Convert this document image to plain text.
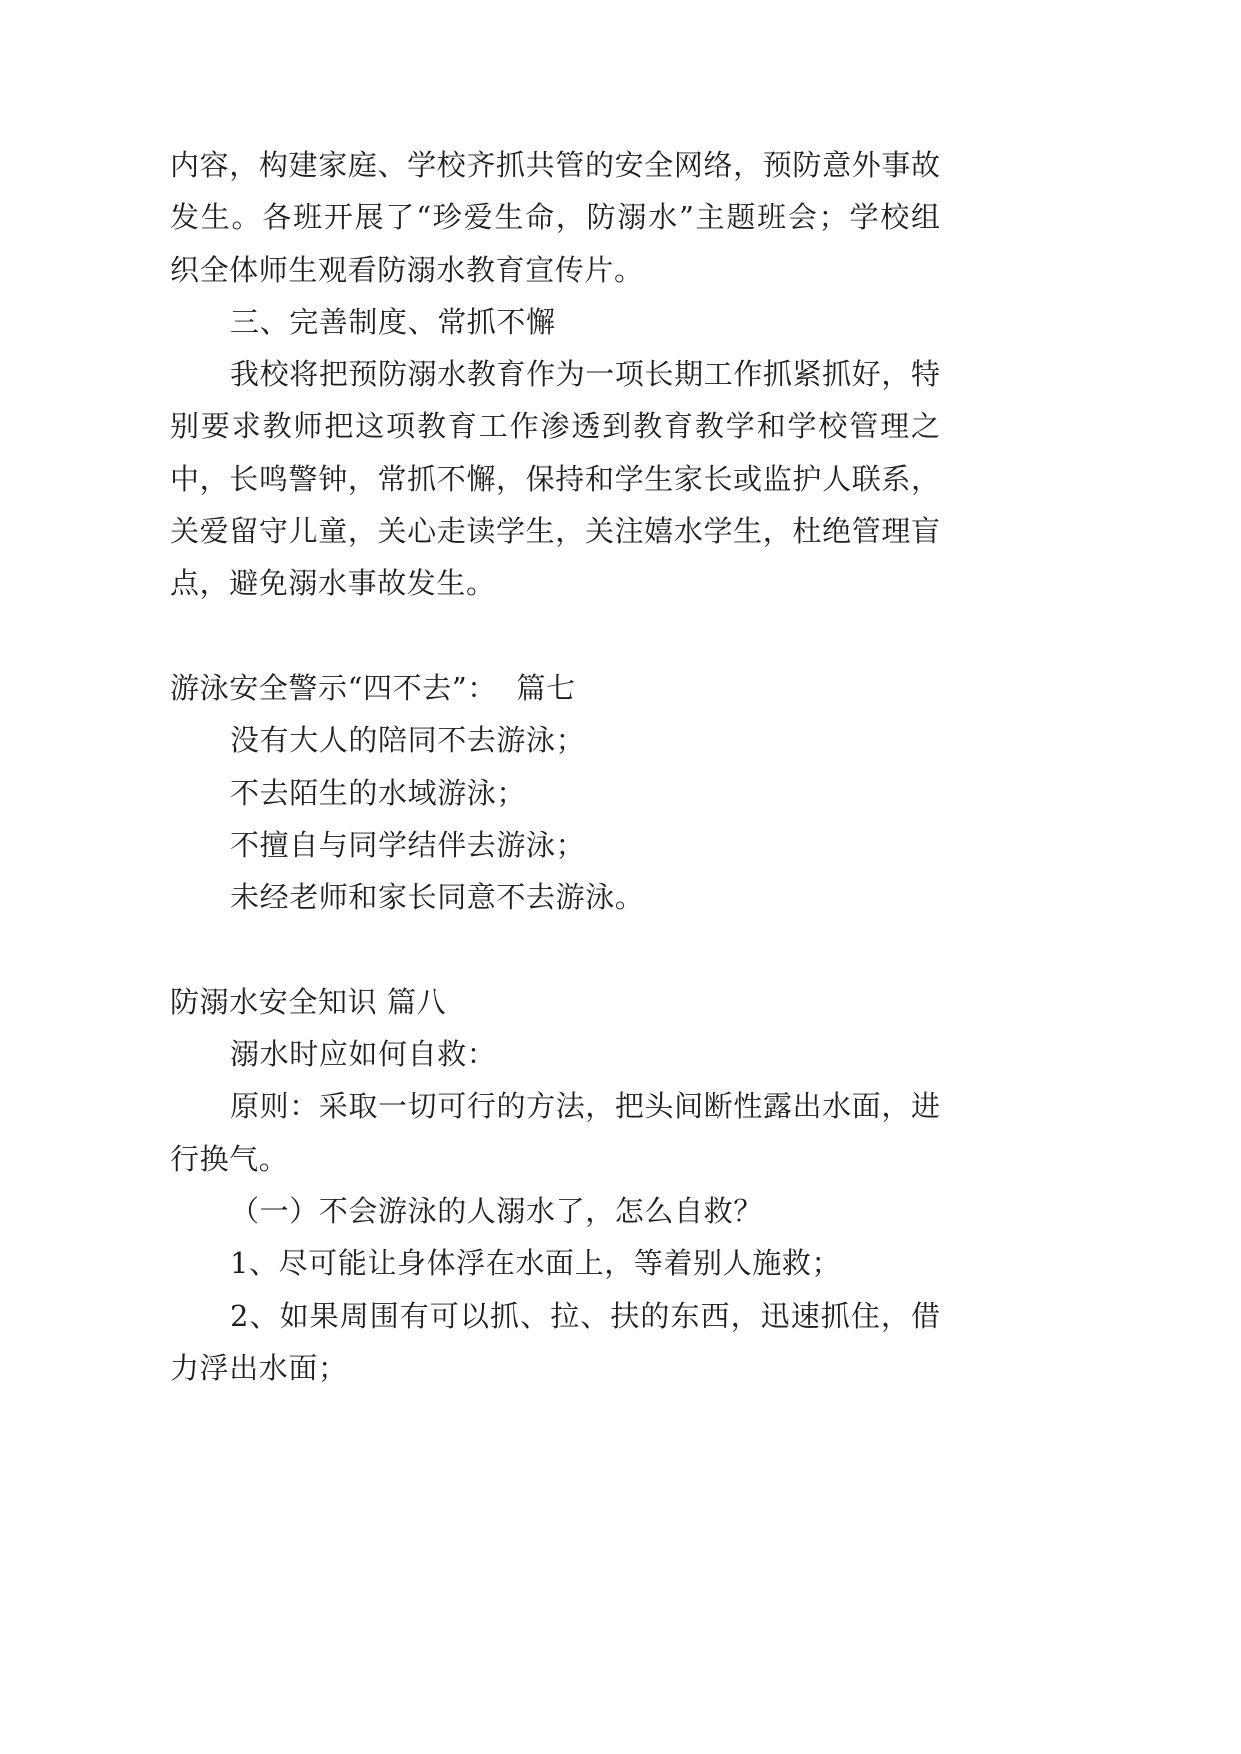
内容，构建家庭、学校齐抓共管的安全网络，预防意外事故
发生。各班开展了“珍爱生命，防溺水”主题班会；学校组
织全体师生观看防溺水教育宣传片。
三、完善制度、常抓不懈
我校将把预防溺水教育作为一项长期工作抓紧抓好，特
别要求教师把这项教育工作渗透到教育教学和学校管理之
中，长鸣警钟，常抓不懈，保持和学生家长或监护人联系，
关爱留守儿童，关心走读学生，关注嬉水学生，杜绝管理盲
点，避免溺水事故发生。
游泳安全警示“四不去”：  篇七
没有大人的陪同不去游泳；
不去陌生的水域游泳；
不擅自与同学结伴去游泳；
未经老师和家长同意不去游泳。
防溺水安全知识 篇八
溺水时应如何自救：
原则：采取一切可行的方法，把头间断性露出水面，进
行换气。
（一）不会游泳的人溺水了，怎么自救？
1、尽可能让身体浮在水面上，等着别人施救；
2、如果周围有可以抓、拉、扶的东西，迅速抓住，借
力浮出水面；
